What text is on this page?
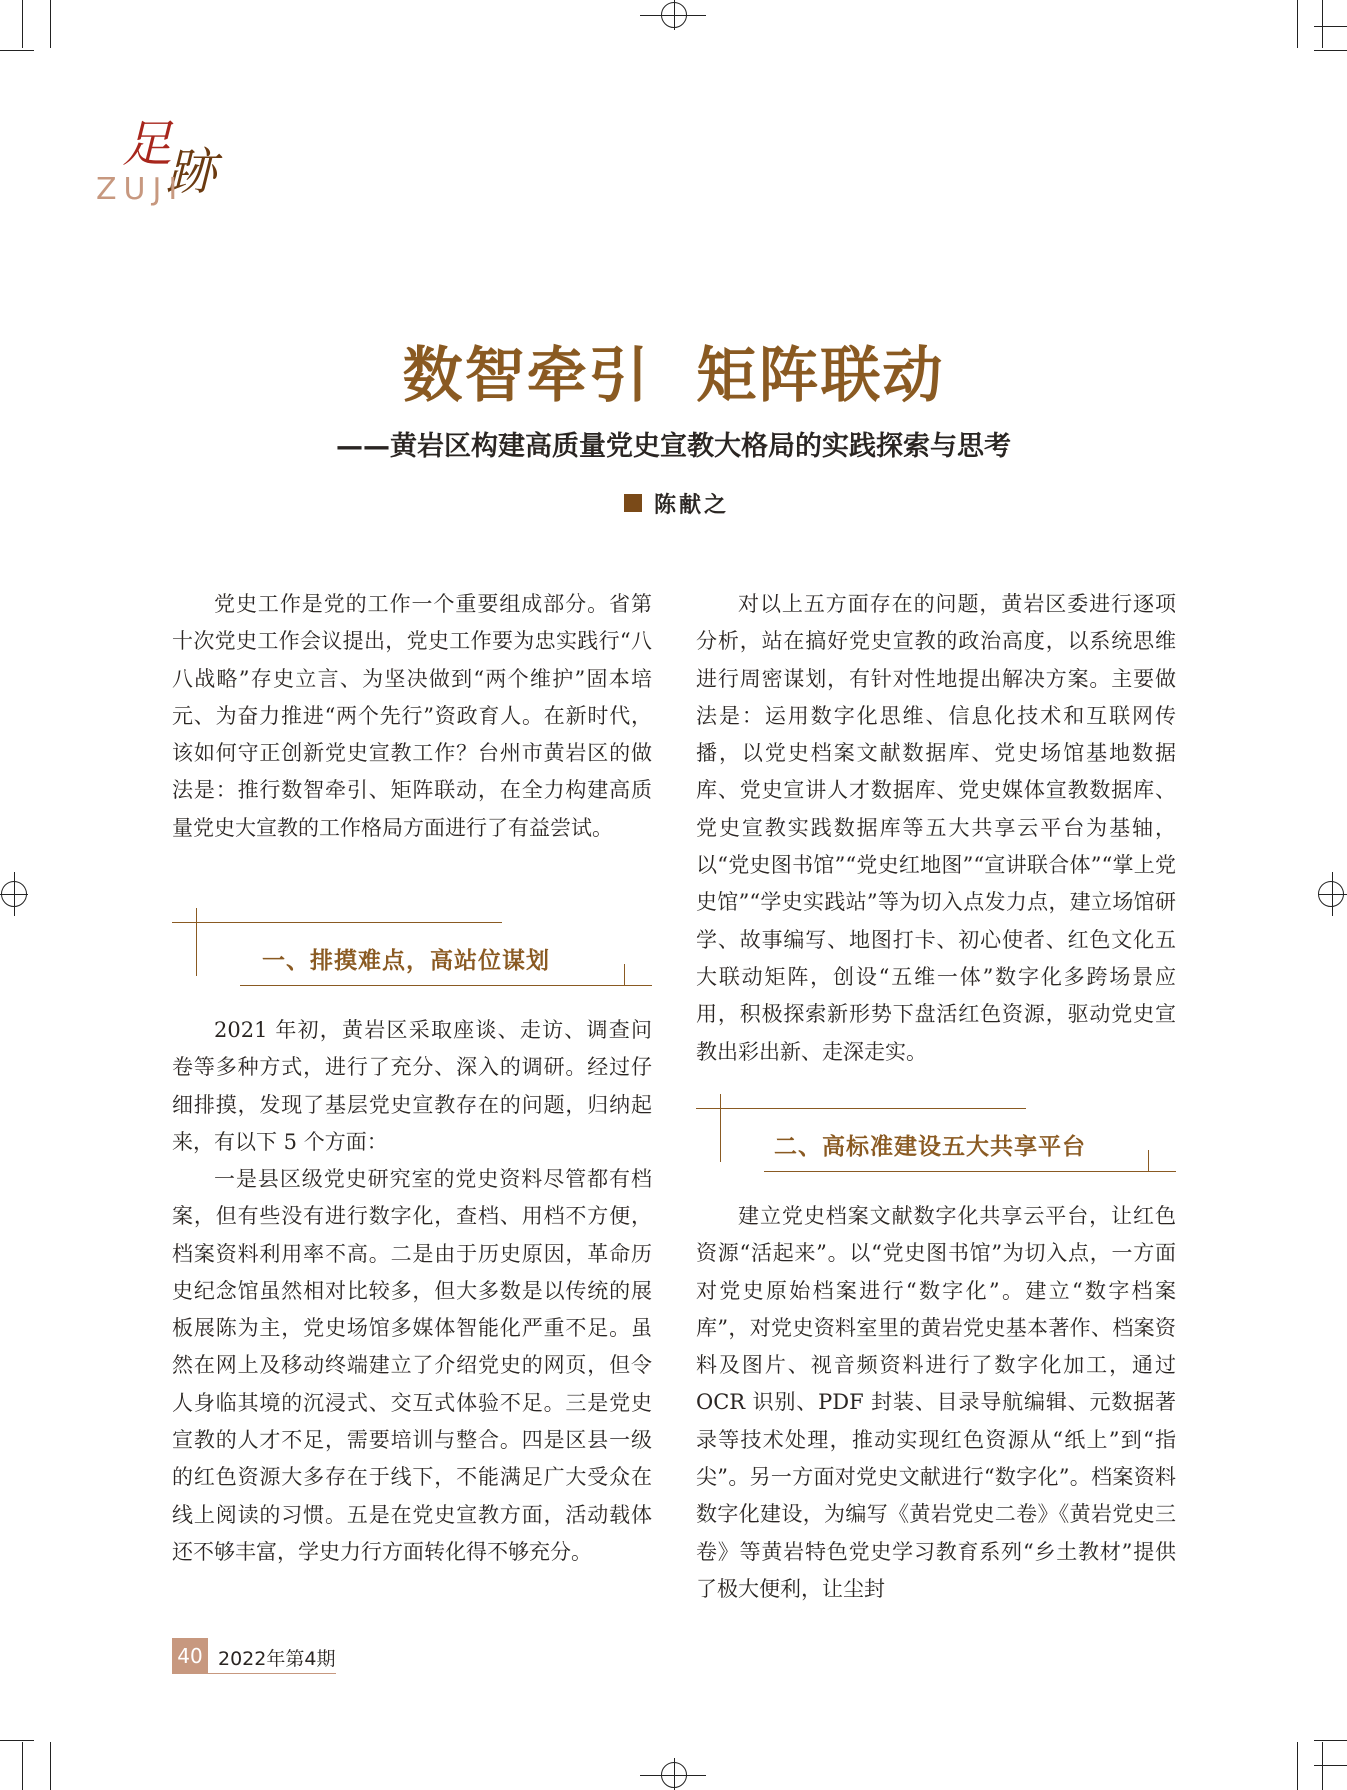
足
跡
ZUJI
数智牵引  矩阵联动
——黄岩区构建高质量党史宣教大格局的实践探索与思考
陈献之

党史工作是党的工作一个重要组成部分。省第十次党史工作会议提出，党史工作要为忠实践行“八八战略”存史立言、为坚决做到“两个维护”固本培元、为奋力推进“两个先行”资政育人。在新时代，该如何守正创新党史宣教工作？台州市黄岩区的做法是：推行数智牵引、矩阵联动，在全力构建高质量党史大宣教的工作格局方面进行了有益尝试。

一、排摸难点，高站位谋划

2021 年初，黄岩区采取座谈、走访、调查问卷等多种方式，进行了充分、深入的调研。经过仔细排摸，发现了基层党史宣教存在的问题，归纳起来，有以下 5 个方面：

一是县区级党史研究室的党史资料尽管都有档案，但有些没有进行数字化，查档、用档不方便，档案资料利用率不高。二是由于历史原因，革命历史纪念馆虽然相对比较多，但大多数是以传统的展板展陈为主，党史场馆多媒体智能化严重不足。虽然在网上及移动终端建立了介绍党史的网页，但令人身临其境的沉浸式、交互式体验不足。三是党史宣教的人才不足，需要培训与整合。四是区县一级的红色资源大多存在于线下，不能满足广大受众在线上阅读的习惯。五是在党史宣教方面，活动载体还不够丰富，学史力行方面转化得不够充分。

对以上五方面存在的问题，黄岩区委进行逐项分析，站在搞好党史宣教的政治高度，以系统思维进行周密谋划，有针对性地提出解决方案。主要做法是：运用数字化思维、信息化技术和互联网传播，以党史档案文献数据库、党史场馆基地数据库、党史宣讲人才数据库、党史媒体宣教数据库、党史宣教实践数据库等五大共享云平台为基轴，以“党史图书馆”“党史红地图”“宣讲联合体”“掌上党史馆”“学史实践站”等为切入点发力点，建立场馆研学、故事编写、地图打卡、初心使者、红色文化五大联动矩阵，创设“五维一体”数字化多跨场景应用，积极探索新形势下盘活红色资源，驱动党史宣教出彩出新、走深走实。

二、高标准建设五大共享平台

建立党史档案文献数字化共享云平台，让红色资源“活起来”。以“党史图书馆”为切入点，一方面对党史原始档案进行“数字化”。建立“数字档案库”，对党史资料室里的黄岩党史基本著作、档案资料及图片、视音频资料进行了数字化加工，通过 OCR 识别、PDF 封装、目录导航编辑、元数据著录等技术处理，推动实现红色资源从“纸上”到“指尖”。另一方面对党史文献进行“数字化”。档案资料数字化建设，为编写《黄岩党史二卷》《黄岩党史三卷》等黄岩特色党史学习教育系列“乡土教材”提供了极大便利，让尘封

40 2022年第4期
